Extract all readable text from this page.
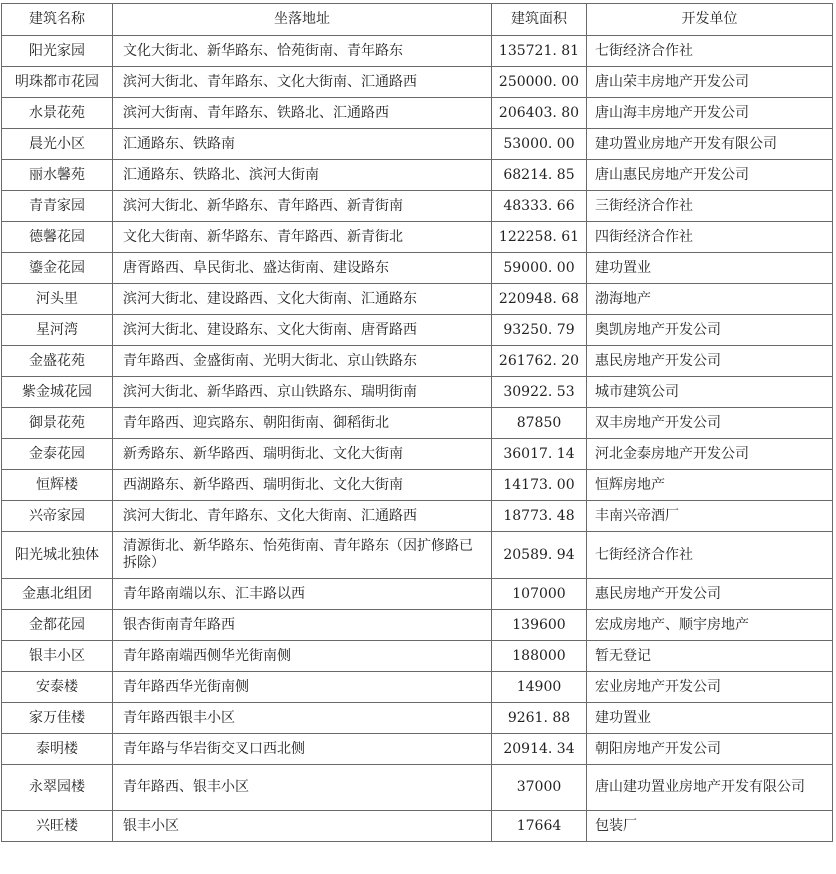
建筑名称	坐落地址	建筑面积	开发单位
阳光家园	文化大街北、新华路东、恰苑街南、青年路东	135721. 81	七街经济合作社
明珠都市花园	滨河大街北、青年路东、文化大街南、汇通路西	250000. 00	唐山荣丰房地产开发公司
水景花苑	滨河大街南、青年路东、铁路北、汇通路西	206403. 80	唐山海丰房地产开发公司
晨光小区	汇通路东、铁路南	53000. 00	建功置业房地产开发有限公司
丽水馨苑	汇通路东、铁路北、滨河大街南	68214. 85	唐山惠民房地产开发公司
青青家园	滨河大街北、新华路东、青年路西、新青街南	48333. 66	三街经济合作社
德馨花园	文化大街南、新华路东、青年路西、新青街北	122258. 61	四街经济合作社
鎏金花园	唐胥路西、阜民街北、盛达街南、建设路东	59000. 00	建功置业
河头里	滨河大街北、建设路西、文化大街南、汇通路东	220948. 68	渤海地产
星河湾	滨河大街北、建设路东、文化大街南、唐胥路西	93250. 79	奥凯房地产开发公司
金盛花苑	青年路西、金盛街南、光明大街北、京山铁路东	261762. 20	惠民房地产开发公司
紫金城花园	滨河大街北、新华路西、京山铁路东、瑞明街南	30922. 53	城市建筑公司
御景花苑	青年路西、迎宾路东、朝阳街南、御稻街北	87850	双丰房地产开发公司
金泰花园	新秀路东、新华路西、瑞明街北、文化大街南	36017. 14	河北金泰房地产开发公司
恒辉楼	西湖路东、新华路西、瑞明街北、文化大街南	14173. 00	恒辉房地产
兴帝家园	滨河大街北、青年路东、文化大街南、汇通路西	18773. 48	丰南兴帝酒厂
阳光城北独体	清源街北、新华路东、怡苑街南、青年路东（因扩修路已拆除）	20589. 94	七街经济合作社
金惠北组团	青年路南端以东、汇丰路以西	107000	惠民房地产开发公司
金都花园	银杏街南青年路西	139600	宏成房地产、顺宇房地产
银丰小区	青年路南端西侧华光街南侧	188000	暂无登记
安泰楼	青年路西华光街南侧	14900	宏业房地产开发公司
家万佳楼	青年路西银丰小区	9261. 88	建功置业
泰明楼	青年路与华岩街交叉口西北侧	20914. 34	朝阳房地产开发公司
永翠园楼	青年路西、银丰小区	37000	唐山建功置业房地产开发有限公司
兴旺楼	银丰小区	17664	包装厂
